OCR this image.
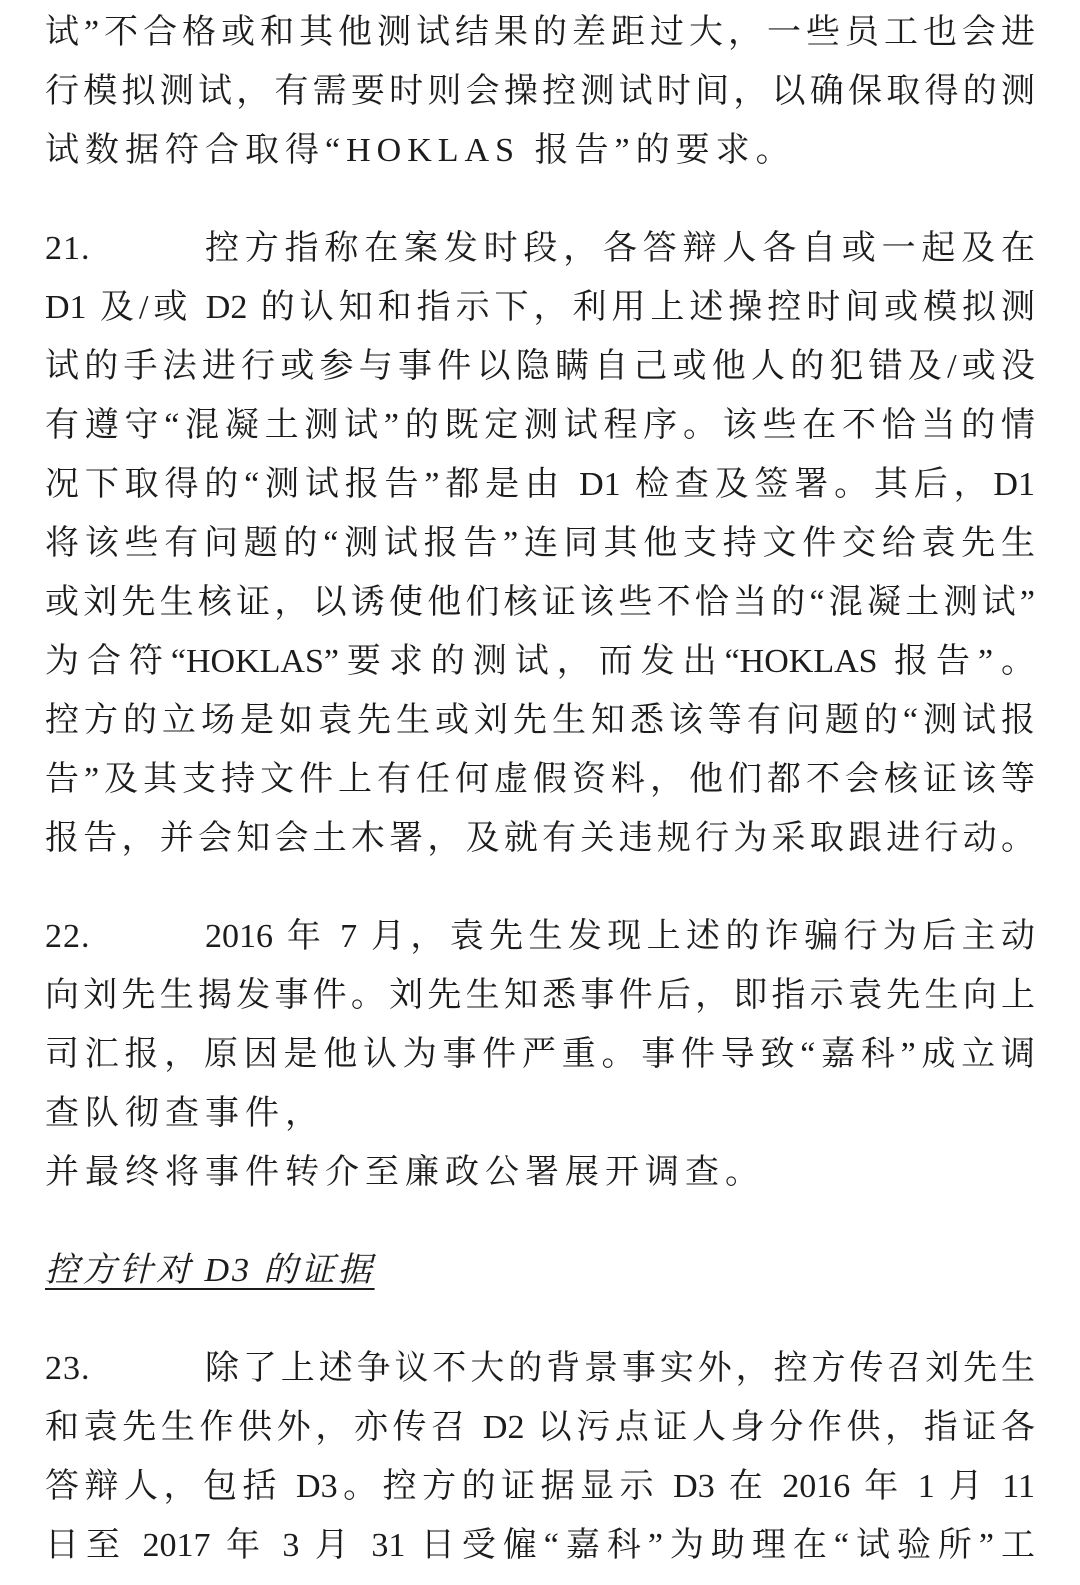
试”不合格或和其他测试结果的差距过大，一些员工也会进
行模拟测试，有需要时则会操控测试时间，以确保取得的测
试数据符合取得“HOKLAS 报告”的要求。
21.	控方指称在案发时段，各答辩人各自或一起及在
D1 及/或 D2 的认知和指示下，利用上述操控时间或模拟测
试的手法进行或参与事件以隐瞒自己或他人的犯错及/或没
有遵守“混凝土测试”的既定测试程序。该些在不恰当的情
况下取得的“测试报告”都是由 D1 检查及签署。其后，D1
将该些有问题的“测试报告”连同其他支持文件交给袁先生
或刘先生核证，以诱使他们核证该些不恰当的“混凝土测试”
为合符“HOKLAS”要求的测试，而发出“HOKLAS 报告”。
控方的立场是如袁先生或刘先生知悉该等有问题的“测试报
告”及其支持文件上有任何虚假资料，他们都不会核证该等
报告，并会知会土木署，及就有关违规行为采取跟进行动。
22.	2016 年 7 月，袁先生发现上述的诈骗行为后主动
向刘先生揭发事件。刘先生知悉事件后，即指示袁先生向上
司汇报，原因是他认为事件严重。事件导致“嘉科”成立调
查队彻查事件，并最终将事件转介至廉政公署展开调查。
控方针对 D3 的证据
23.	除了上述争议不大的背景事实外，控方传召刘先生
和袁先生作供外，亦传召 D2 以污点证人身分作供，指证各
答辩人，包括 D3。控方的证据显示 D3 在 2016 年 1 月 11
日至 2017 年 3 月 31 日受僱“嘉科”为助理在“试验所”工
